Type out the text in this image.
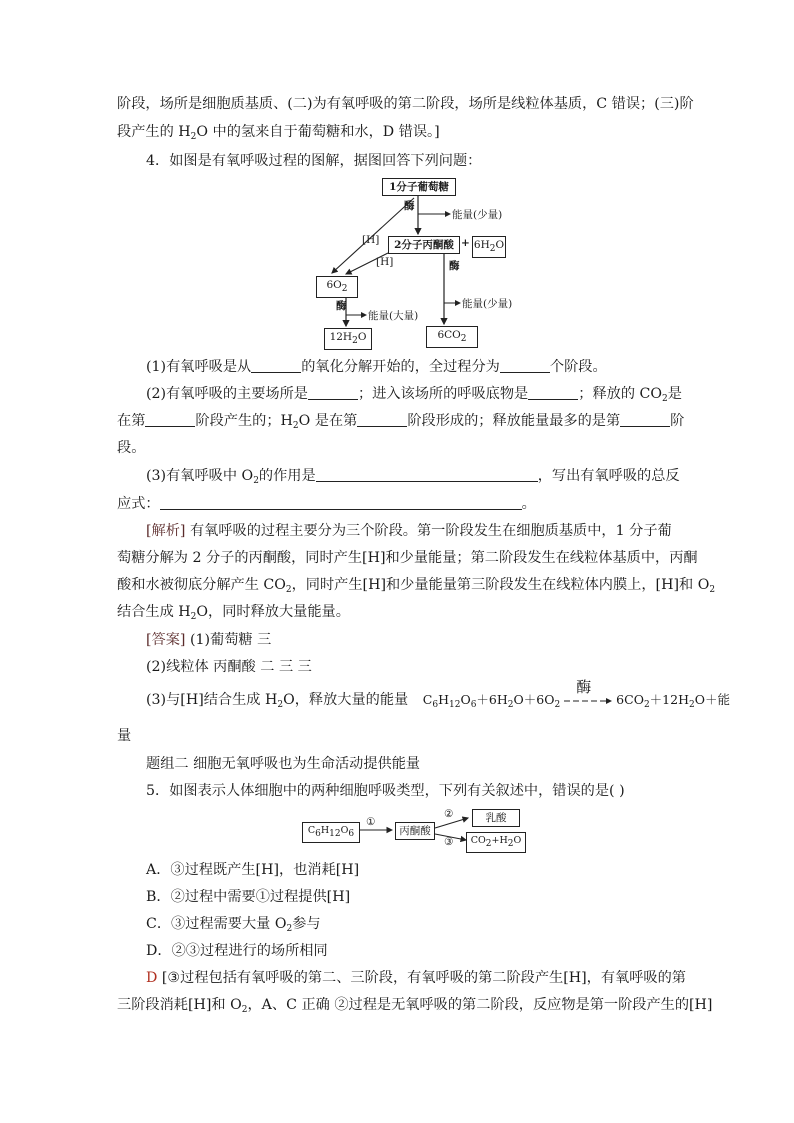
阶段，场所是细胞质基质、(二)为有氧呼吸的第二阶段，场所是线粒体基质，C 错误；(三)阶
段产生的 $H_2O$ 中的氢来自于葡萄糖和水，D 错误。]
4．如图是有氧呼吸过程的图解，据图回答下列问题：
1分子葡萄糖
酶
能量(少量)
[H]	2分子丙酮酸 + 6H2O
[H]	酶
6O2
酶	能量(少量)
能量(大量)
12H2O	6CO2
(1)有氧呼吸是从	的氧化分解开始的，全过程分为	个阶段。
(2)有氧呼吸的主要场所是	；进入该场所的呼吸底物是	；释放的 $CO_2$是
在第	阶段产生的；$H_2O$ 是在第	阶段形成的；释放能量最多的是第	阶
段。
(3)有氧呼吸中 $O_2$的作用是	，写出有氧呼吸的总反
应式：	。
[解析] 有氧呼吸的过程主要分为三个阶段。第一阶段发生在细胞质基质中，1 分子葡
萄糖分解为 2 分子的丙酮酸，同时产生[H]和少量能量；第二阶段发生在线粒体基质中，丙酮
酸和水被彻底分解产生 $CO_2$，同时产生[H]和少量能量第三阶段发生在线粒体内膜上，[H]和 $O_2$
结合生成 $H_2O$，同时释放大量能量。
[答案] (1)葡萄糖 三
(2)线粒体 丙酮酸 二 三 三
(3)与[H]结合生成 $H_2O$，释放大量的能量 $C_6H_{12}O_6+6H_2O+6O_2$
酶
$6CO_2+12H_2O+$能
量
题组二 细胞无氧呼吸也为生命活动提供能量
5．如图表示人体细胞中的两种细胞呼吸类型，下列有关叙述中，错误的是( )
C6H12O6
①
丙酮酸
②
③
乳酸
CO2+H2O
A．③过程既产生[H]，也消耗[H]
B．②过程中需要①过程提供[H]
C．③过程需要大量 $O_2$参与
D．②③过程进行的场所相同
D [③过程包括有氧呼吸的第二、三阶段，有氧呼吸的第二阶段产生[H]，有氧呼吸的第
三阶段消耗[H]和 $O_2$，A、C 正确 ②过程是无氧呼吸的第二阶段，反应物是第一阶段产生的[H]
